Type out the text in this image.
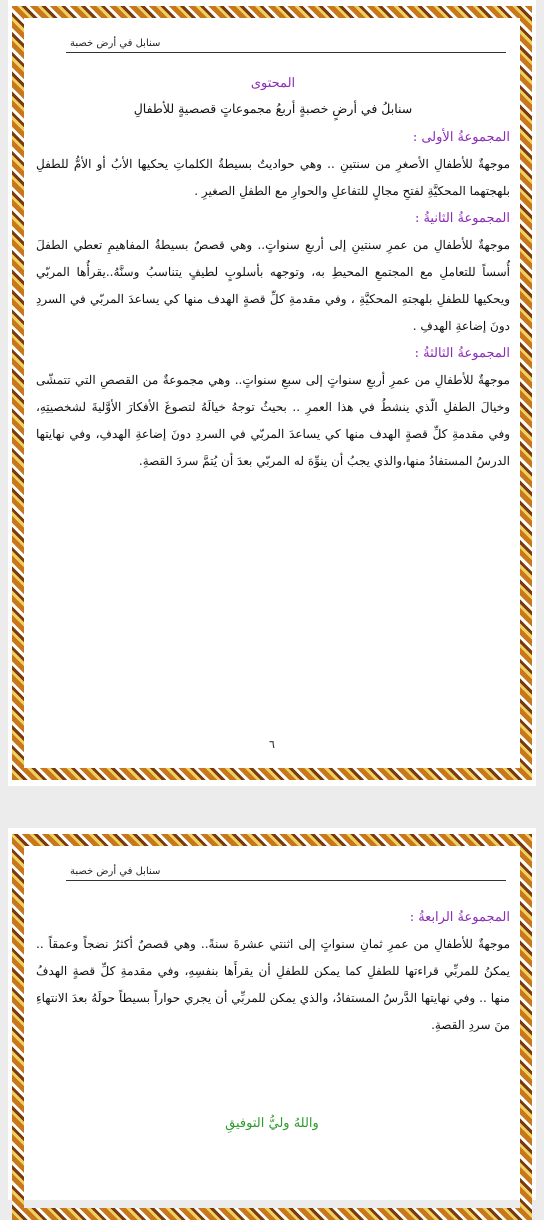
سنابل في أرض خصبة

المحتوى

سنابلُ في أرضٍ خصبةٍ أربعُ مجموعاتٍ قصصيةٍ للأطفالِ

المجموعةُ الأولى :

موجهةٌ للأطفالِ الأصغرِ من سنتينِ .. وهي حواديتٌ بسيطةُ الكلماتِ يحكيها الأبُ أو الأمُّ للطفلِ بلهجتهما المحكيَّةِ لفتحِ مجالٍ للتفاعلِ والحوارِ مع الطفلِ الصغيرِ .

المجموعةُ الثانيةُ :

موجهةٌ للأطفالِ من عمرِ سنتينِ إلى أربعِ سنواتٍ.. وهي قصصٌ بسيطةُ المفاهيمِ تعطي الطفلَ أُسساً للتعاملِ مع المجتمعِ المحيطِ به، وتوجهه بأسلوبٍ لطيفٍ يتناسبُ وسنَّهُ..يقرأُها المربّي ويحكيها للطفلِ بلهجتهِ المحكيَّةِ ، وفي مقدمةِ كلِّ قصةٍ الهدف منها كي يساعدَ المربّي في السردِ دونَ إضاعةِ الهدفِ .

المجموعةُ الثالثةُ :

موجهةٌ للأطفالِ من عمرِ أربعِ سنواتٍ إلى سبعِ سنواتٍ.. وهي مجموعةٌ من القصصِ التي تتمشّى وخيالَ الطفلِ الّذي ينشطُ في هذا العمرِ .. بحيثُ توجهُ خيالَهُ لتصوغَ الأفكارَ الأوَّليةَ لشخصيتِهِ، وفي مقدمةِ كلِّ قصةٍ الهدف منها كي يساعدَ المربّي في السردِ دونَ إضاعةِ الهدفِ، وفي نهايتها الدرسُ المستفادُ منها،والذي يجبُ أن ينوِّهَ له المربّي بعدَ أن يُتمَّ سردَ القصةِ.

٦
سنابل في أرض خصبة

المجموعةُ الرابعةُ :

موجهةٌ للأطفالِ من عمرِ ثمانِ سنواتٍ إلى اثنتي عشرةَ سنةً.. وهي قصصٌ أكثرُ نضجاً وعمقاً .. يمكنُ للمربِّي قراءتها للطفلِ كما يمكن للطفلِ أن يقرأَها بنفسِهِ، وفي مقدمةِ كلِّ قصةٍ الهدفُ منها .. وفي نهايتها الدَّرسُ المستفادُ، والذي يمكن للمربِّي أن يجري حواراً بسيطاً حولَهُ بعدَ الانتهاءِ منَ سردِ القصةِ.

واللهُ وليُّ التوفيقِ
